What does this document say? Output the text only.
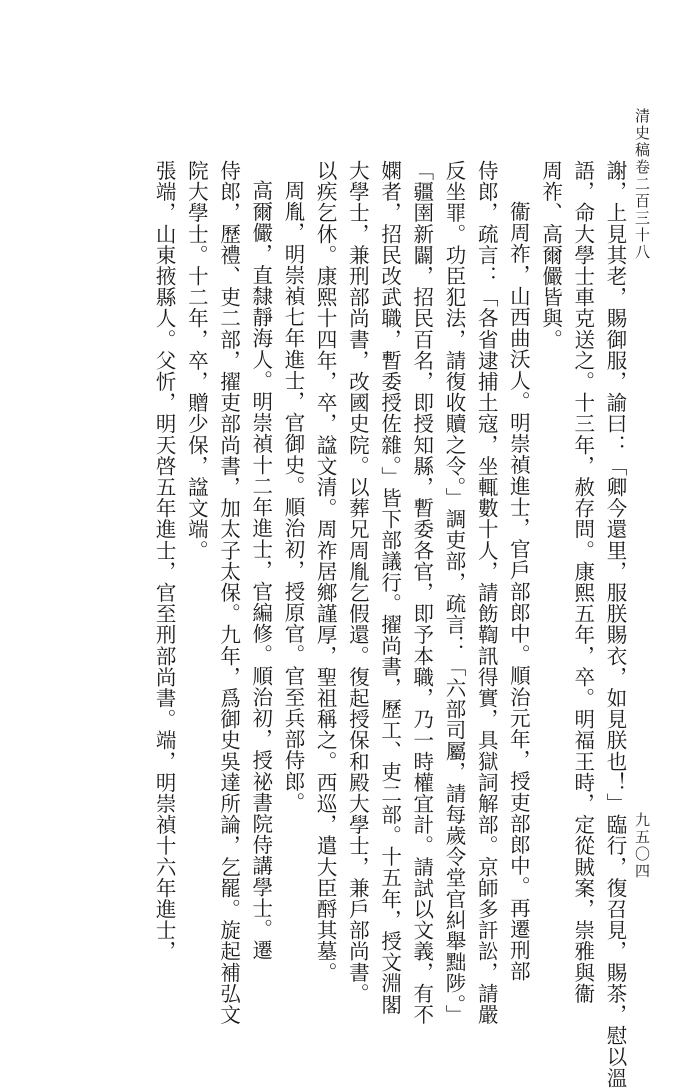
清史稿卷二百三十八
九五〇四
謝，上見其老，賜御服，諭曰：「卿今還里，服朕賜衣，如見朕也！」臨行，復召見，賜茶，慰以溫
語，命大學士車克送之。十三年，赦存問。康熙五年，卒。明福王時，定從賊案，崇雅與衞
周祚、高爾儼皆與。
衞周祚，山西曲沃人。明崇禎進士，官戶部郎中。順治元年，授吏部郎中。再遷刑部
侍郎，疏言：「各省逮捕土寇，坐輒數十人，請飭鞫訊得實，具獄詞解部。京師多訐訟，請嚴
反坐罪。功臣犯法，請復收贖之令。」調吏部，疏言：「六部司屬，請每歲令堂官糾舉黜陟。」
「疆圉新闢，招民百名，即授知縣，暫委各官，即予本職，乃一時權宜計。請試以文義，有不
嫻者，招民改武職，暫委授佐雜。」皆下部議行。擢尚書，歷工、吏二部。十五年，授文淵閣
大學士，兼刑部尚書，改國史院。以葬兄周胤乞假還。復起授保和殿大學士，兼戶部尚書。
以疾乞休。康熙十四年，卒，諡文清。周祚居鄉謹厚，聖祖稱之。西巡，遣大臣酹其墓。
周胤，明崇禎七年進士，官御史。順治初，授原官。官至兵部侍郎。
高爾儼，直隸靜海人。明崇禎十二年進士，官編修。順治初，授祕書院侍講學士。遷
侍郎，歷禮、吏二部，擢吏部尚書，加太子太保。九年，爲御史吳達所論，乞罷。旋起補弘文
院大學士。十二年，卒，贈少保，諡文端。
張端，山東掖縣人。父忻，明天啓五年進士，官至刑部尚書。端，明崇禎十六年進士，
